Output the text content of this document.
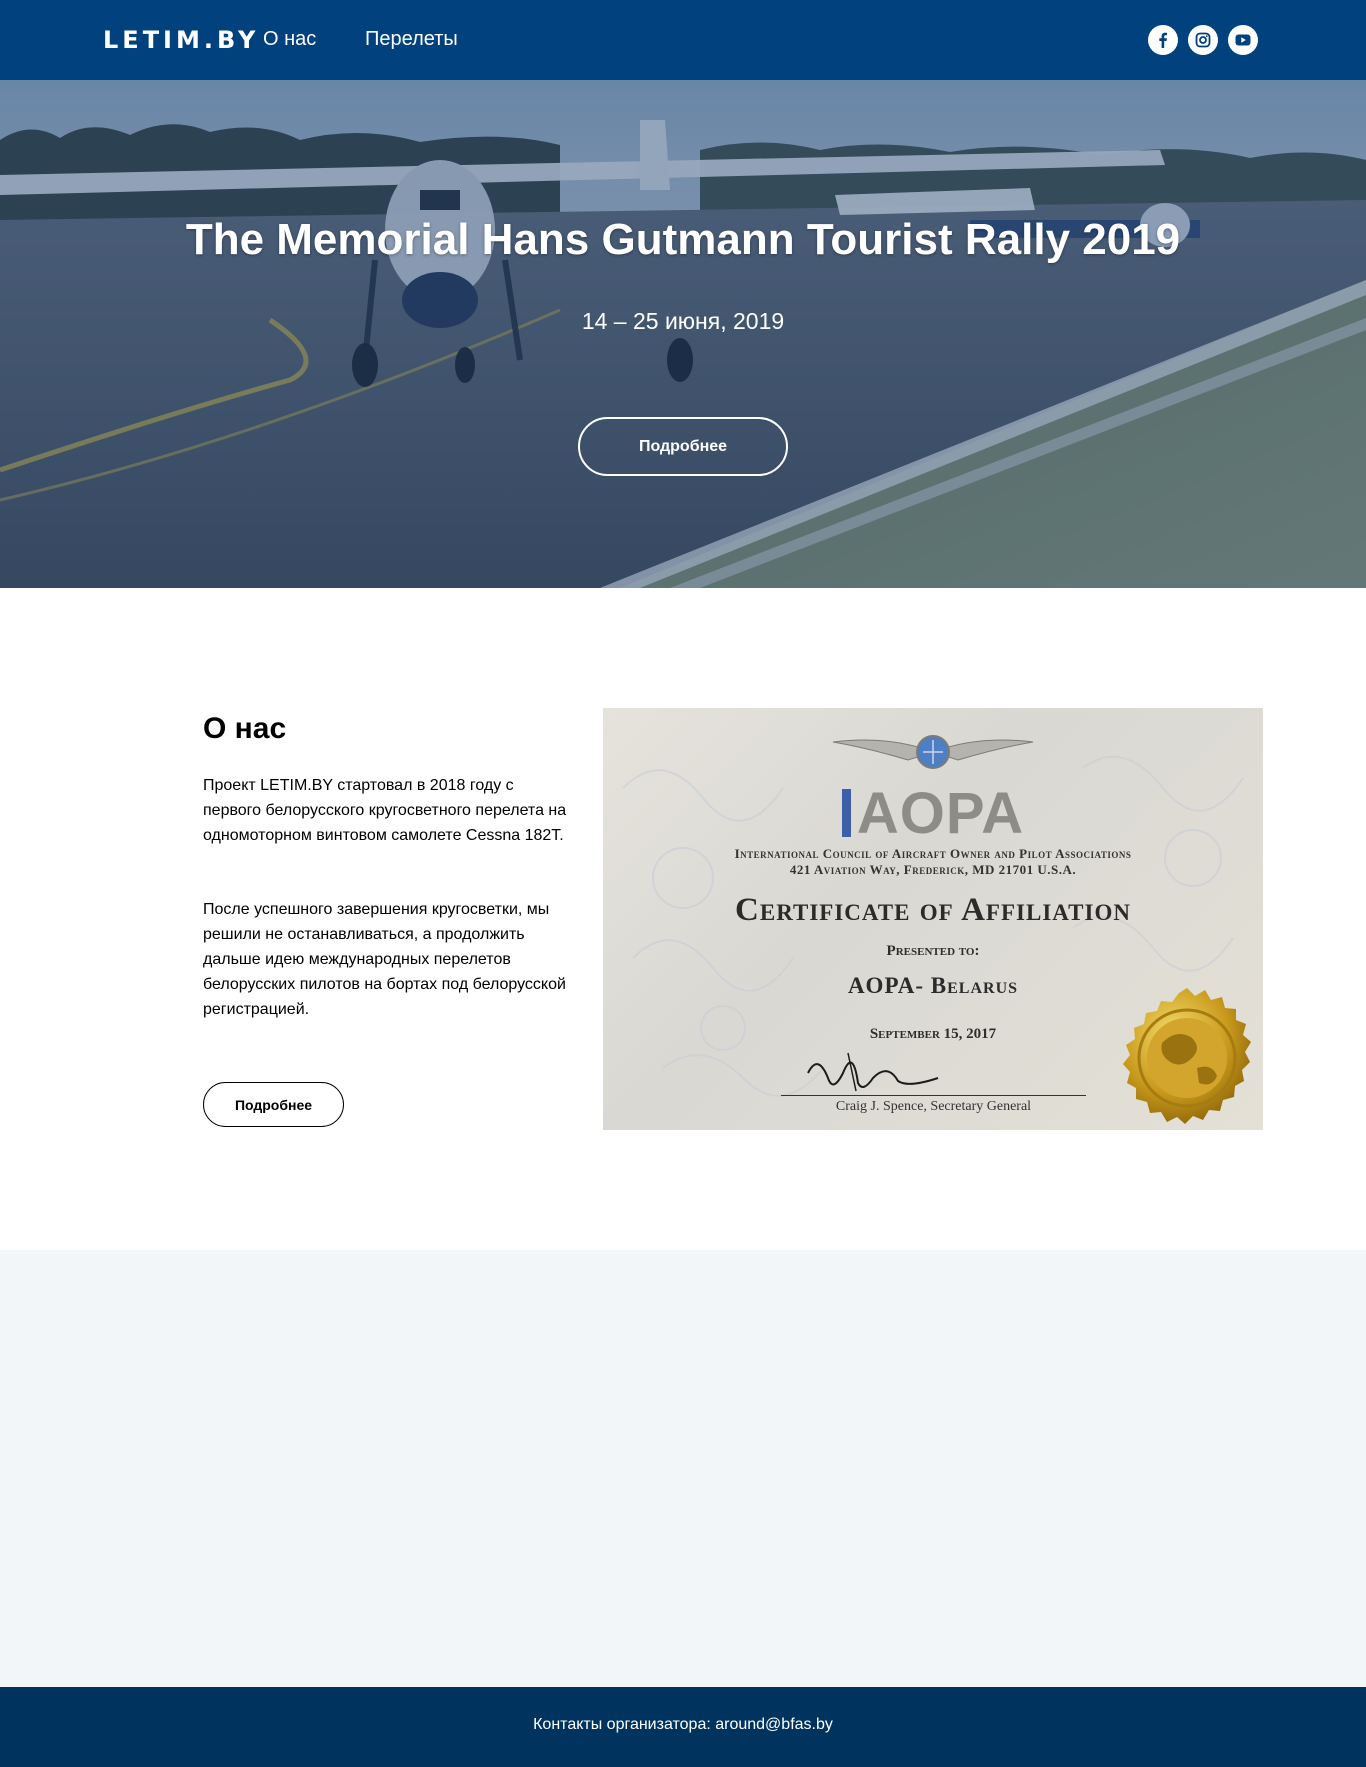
LETIM.BY О нас Перелеты
The Memorial Hans Gutmann Tourist Rally 2019
14 – 25 июня, 2019
Подробнее
О нас
Проект LETIM.BY стартовал в 2018 году с первого белорусского кругосветного перелета на одномоторном винтовом самолете Cessna 182T.
После успешного завершения кругосветки, мы решили не останавливаться, а продолжить дальше идею международных перелетов белорусских пилотов на бортах под белорусской регистрацией.
Подробнее
AOPA
International Council of Aircraft Owner and Pilot Associations
421 Aviation Way, Frederick, MD 21701 U.S.A.
Certificate of Affiliation
Presented to:
AOPA- Belarus
September 15, 2017
Craig J. Spence, Secretary General
Контакты организатора: around@bfas.by
